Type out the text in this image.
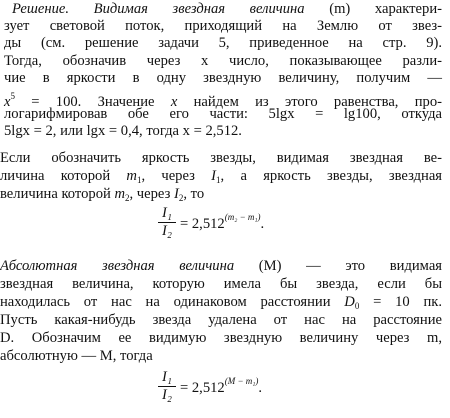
Решение. Видимая звездная величина (m) характери-
зует световой поток, приходящий на Землю от звез-
ды (см. решение задачи 5, приведенное на стр. 9).
Тогда, обозначив через x число, показывающее разли-
чие в яркости в одну звездную величину, получим —
$x^5 = 100$. Значение x найдем из этого равенства, про-
логарифмировав обе его части: 5lgx = lg100, откуда
5lgx = 2, или lgx = 0,4, тогда x = 2,512.
Если обозначить яркость звезды, видимая звездная ве-
личина которой $m_1$, через $I_1$, а яркость звезды, звездная
величина которой $m_2$, через $I_2$, то
I₁
$I_2 = 2,512^{(m_2 - m_1)}$.
Абсолютная звездная величина (M) — это видимая
звездная величина, которую имела бы звезда, если бы
находилась от нас на одинаковом расстоянии $D_0 = 10$ пк.
Пусть какая-нибудь звезда удалена от нас на расстояние
D. Обозначим ее видимую звездную величину через m,
абсолютную — M, тогда
I₁
$I_2 = 2,512^{(M - m_1)}$.
